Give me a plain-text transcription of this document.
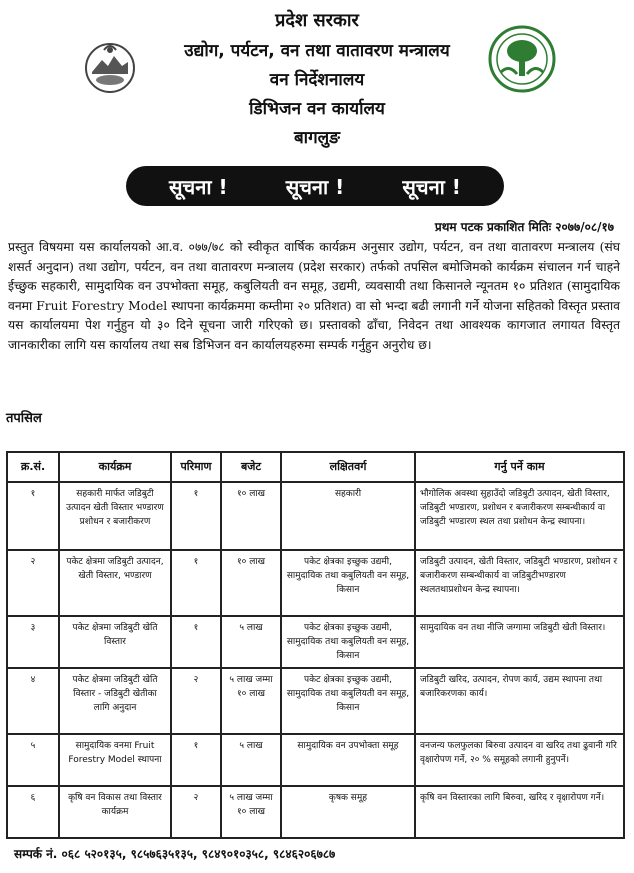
प्रदेश सरकार
उद्योग, पर्यटन, वन तथा वातावरण मन्त्रालय
वन निर्देशनालय
डिभिजन वन कार्यालय
बागलुङ
सूचना !	सूचना !	सूचना !
प्रथम पटक प्रकाशित मितिः २०७७/०८/१७
प्रस्तुत विषयमा यस कार्यालयको आ.व. ०७७/७८ को स्वीकृत वार्षिक कार्यक्रम अनुसार उद्योग, पर्यटन, वन तथा वातावरण मन्त्रालय (संघ शसर्त अनुदान) तथा उद्योग, पर्यटन, वन तथा वातावरण मन्त्रालय (प्रदेश सरकार) तर्फको तपसिल बमोजिमको कार्यक्रम संचालन गर्न चाहने ईच्छुक सहकारी, सामुदायिक वन उपभोक्ता समूह, कबुलियती वन समूह, उद्यमी, व्यवसायी तथा किसानले न्यूनतम १० प्रतिशत (सामुदायिक वनमा Fruit Forestry Model स्थापना कार्यक्रममा कम्तीमा २० प्रतिशत) वा सो भन्दा बढी लगानी गर्ने योजना सहितको विस्तृत प्रस्ताव यस कार्यालयमा पेश गर्नुहुन यो ३० दिने सूचना जारी गरिएको छ। प्रस्तावको ढाँचा, निवेदन तथा आवश्यक कागजात लगायत विस्तृत जानकारीका लागि यस कार्यालय तथा सब डिभिजन वन कार्यालयहरुमा सम्पर्क गर्नुहुन अनुरोध छ।
तपसिल
क्र.सं.	कार्यक्रम	परिमाण	बजेट	लक्षितवर्ग	गर्नु पर्ने काम
१	सहकारी मार्फत जडिबुटी उत्पादन खेती विस्तार भण्डारण प्रशोधन र बजारीकरण	१	१० लाख	सहकारी	भौगोलिक अवस्था सुहाउँदो जडिबुटी उत्पादन, खेती विस्तार, जडिबुटी भण्डारण, प्रशोधन र बजारीकरण सम्बन्धीकार्य वा जडिबुटी भण्डारण स्थल तथा प्रशोधन केन्द्र स्थापना।
२	पकेट क्षेत्रमा जडिबुटी उत्पादन, खेती विस्तार, भण्डारण	१	१० लाख	पकेट क्षेत्रका इच्छुक उद्यमी, सामुदायिक तथा कबुलियती वन समूह, किसान	जडिबुटी उत्पादन, खेती विस्तार, जडिबुटी भण्डारण, प्रशोधन र बजारीकरण सम्बन्धीकार्य वा जडिबुटीभण्डारण स्थलतथाप्रशोधन केन्द्र स्थापना।
३	पकेट क्षेत्रमा जडिबुटी खेति विस्तार	१	५ लाख	पकेट क्षेत्रका इच्छुक उद्यमी, सामुदायिक तथा कबुलियती वन समूह, किसान	सामुदायिक वन तथा नीजि जग्गामा जडिबुटी खेती विस्तार।
४	पकेट क्षेत्रमा जडिबुटी खेति विस्तार - जडिबुटी खेतीका लागि अनुदान	२	५ लाख जम्मा १० लाख	पकेट क्षेत्रका इच्छुक उद्यमी, सामुदायिक तथा कबुलियती वन समूह, किसान	जडिबुटी खरिद, उत्पादन, रोपण कार्य, उद्यम स्थापना तथा बजारिकरणका कार्य।
५	सामुदायिक वनमा Fruit Forestry Model स्थापना	१	५ लाख	सामुदायिक वन उपभोक्ता समूह	वनजन्य फलफुलका बिरुवा उत्पादन वा खरिद तथा ढुवानी गरि वृक्षारोपण गर्ने, २० % समूहको लगानी हुनुपर्ने।
६	कृषि वन विकास तथा विस्तार कार्यक्रम	२	५ लाख जम्मा १० लाख	कृषक समूह	कृषि वन विस्तारका लागि बिरुवा, खरिद र वृक्षारोपण गर्ने।
सम्पर्क नं. ०६८ ५२०१३५, ९८५७६३५१३५, ९८४९०१०३५८, ९८४६२०६७८७
